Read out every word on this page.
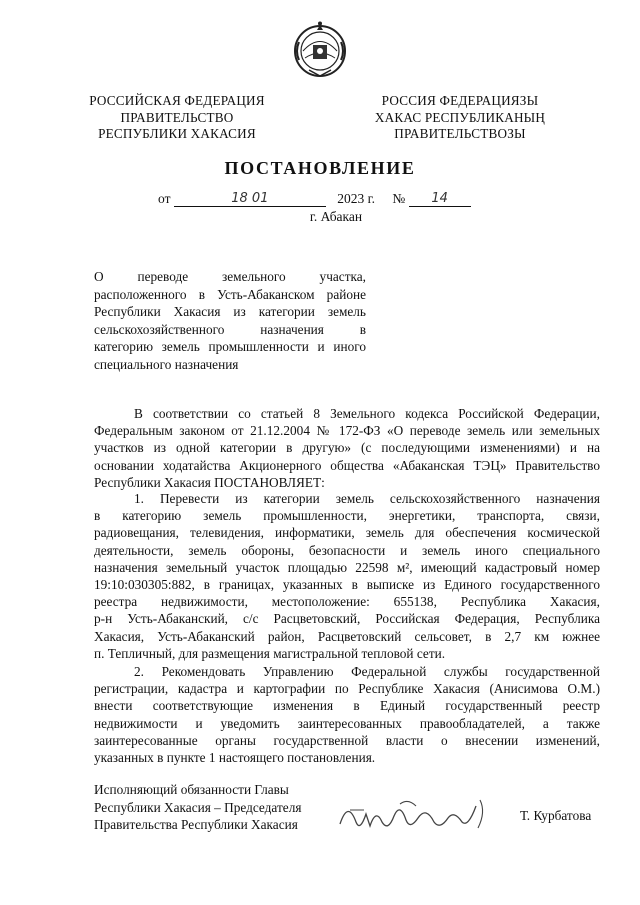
РОССИЙСКАЯ ФЕДЕРАЦИЯ
ПРАВИТЕЛЬСТВО
РЕСПУБЛИКИ ХАКАСИЯ
РОССИЯ ФЕДЕРАЦИЯЗЫ
ХАКАС РЕСПУБЛИКАНЫҢ
ПРАВИТЕЛЬСТВОЗЫ
ПОСТАНОВЛЕНИЕ
от	18 01	2023 г. № 14
г. Абакан

О переводе земельного участка,

расположенного в Усть-Абаканском районе

Республики Хакасия из категории земель

сельскохозяйственного назначения в

категорию земель промышленности и иного

специального назначения

В соответствии со статьей 8 Земельного кодекса Российской Федерации,
Федеральным законом от 21.12.2004 № 172-ФЗ «О переводе земель или земельных
участков из одной категории в другую» (с последующими изменениями) и на
основании ходатайства Акционерного общества «Абаканская ТЭЦ» Правительство
Республики Хакасия ПОСТАНОВЛЯЕТ:
1. Перевести из категории земель сельскохозяйственного назначения
в категорию земель промышленности, энергетики, транспорта, связи,
радиовещания, телевидения, информатики, земель для обеспечения космической
деятельности, земель обороны, безопасности и земель иного специального
назначения земельный участок площадью 22598 м², имеющий кадастровый номер
19:10:030305:882, в границах, указанных в выписке из Единого государственного
реестра недвижимости, местоположение: 655138, Республика Хакасия,
р-н Усть-Абаканский, с/с Расцветовский, Российская Федерация, Республика
Хакасия, Усть-Абаканский район, Расцветовский сельсовет, в 2,7 км южнее
п. Тепличный, для размещения магистральной тепловой сети.
2. Рекомендовать Управлению Федеральной службы государственной
регистрации, кадастра и картографии по Республике Хакасия (Анисимова О.М.)
внести соответствующие изменения в Единый государственный реестр
недвижимости и уведомить заинтересованных правообладателей, а также
заинтересованные органы государственной власти о внесении изменений,
указанных в пункте 1 настоящего постановления.
Исполняющий обязанности Главы
Республики Хакасия – Председателя
Правительства Республики Хакасия
Т. Курбатова
